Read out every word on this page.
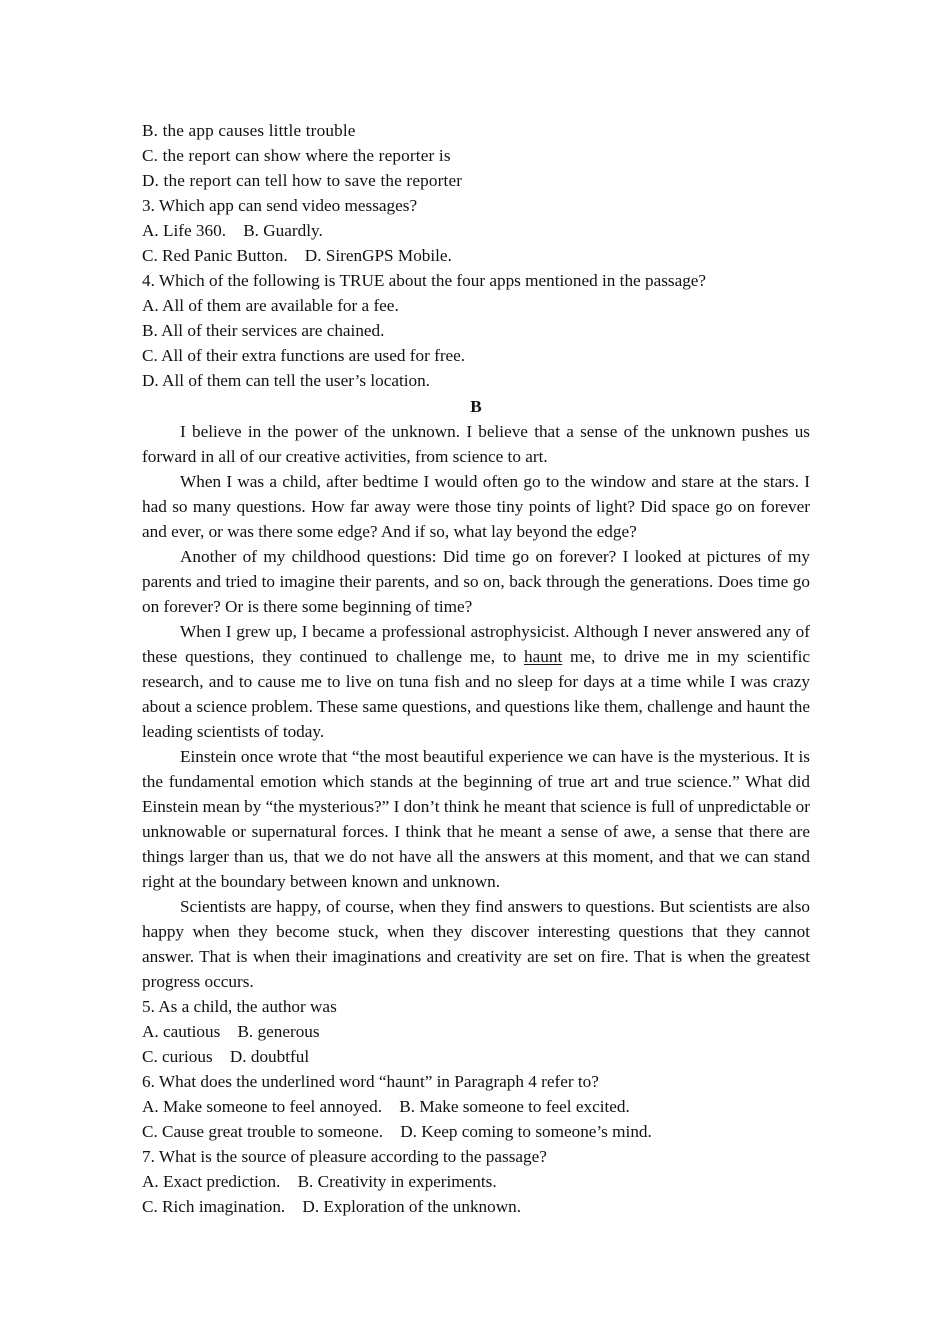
B. the app causes little trouble
C. the report can show where the reporter is
D. the report can tell how to save the reporter
3. Which app can send video messages?
A. Life 360.    B. Guardly.
C. Red Panic Button.    D. SirenGPS Mobile.
4. Which of the following is TRUE about the four apps mentioned in the passage?
A. All of them are available for a fee.
B. All of their services are chained.
C. All of their extra functions are used for free.
D. All of them can tell the user’s location.
B

I believe in the power of the unknown. I believe that a sense of the unknown pushes us forward in all of our creative activities, from science to art.

When I was a child, after bedtime I would often go to the window and stare at the stars. I had so many questions. How far away were those tiny points of light? Did space go on forever and ever, or was there some edge? And if so, what lay beyond the edge?

Another of my childhood questions: Did time go on forever? I looked at pictures of my parents and tried to imagine their parents, and so on, back through the generations. Does time go on forever? Or is there some beginning of time?

When I grew up, I became a professional astrophysicist. Although I never answered any of these questions, they continued to challenge me, to haunt me, to drive me in my scientific research, and to cause me to live on tuna fish and no sleep for days at a time while I was crazy about a science problem. These same questions, and questions like them, challenge and haunt the leading scientists of today.

Einstein once wrote that “the most beautiful experience we can have is the mysterious. It is the fundamental emotion which stands at the beginning of true art and true science.” What did Einstein mean by “the mysterious?” I don’t think he meant that science is full of unpredictable or unknowable or supernatural forces. I think that he meant a sense of awe, a sense that there are things larger than us, that we do not have all the answers at this moment, and that we can stand right at the boundary between known and unknown.

Scientists are happy, of course, when they find answers to questions. But scientists are also happy when they become stuck, when they discover interesting questions that they cannot answer. That is when their imaginations and creativity are set on fire. That is when the greatest progress occurs.

5. As a child, the author was
A. cautious    B. generous
C. curious    D. doubtful
6. What does the underlined word “haunt” in Paragraph 4 refer to?
A. Make someone to feel annoyed.    B. Make someone to feel excited.
C. Cause great trouble to someone.    D. Keep coming to someone’s mind.
7. What is the source of pleasure according to the passage?
A. Exact prediction.    B. Creativity in experiments.
C. Rich imagination.    D. Exploration of the unknown.
